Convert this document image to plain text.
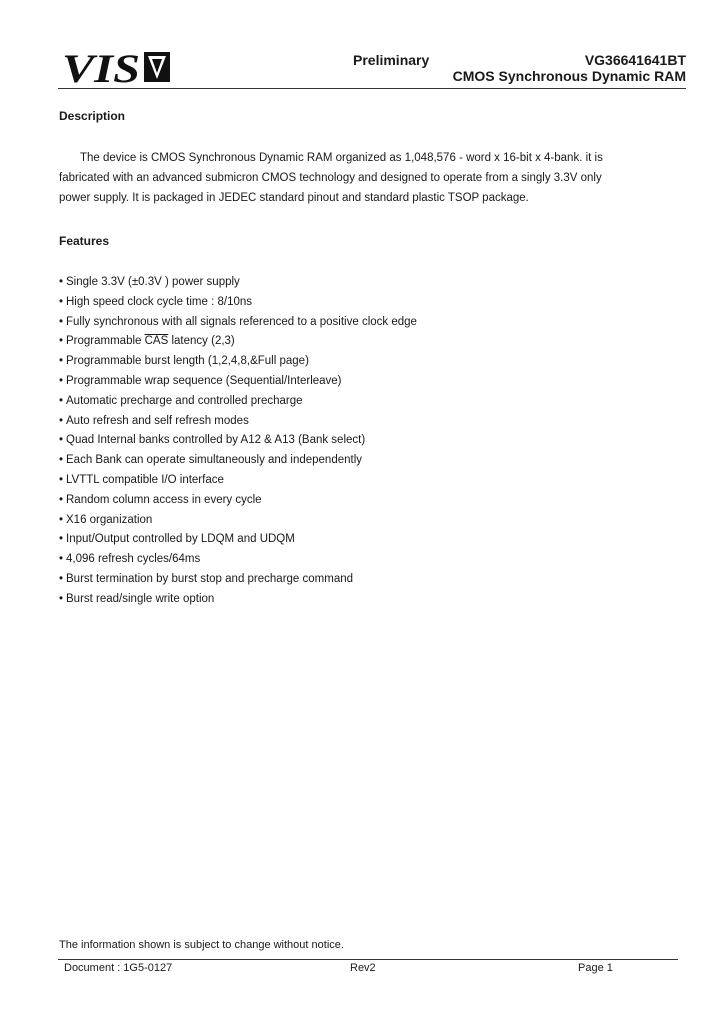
VIS	Preliminary	VG36641641BT
CMOS Synchronous Dynamic RAM
Description
The device is CMOS Synchronous Dynamic RAM organized as 1,048,576 - word x 16-bit x 4-bank. it is
fabricated with an advanced submicron CMOS technology and designed to operate from a singly 3.3V only
power supply. It is packaged in JEDEC standard pinout and standard plastic TSOP package.
Features
• Single 3.3V (±0.3V ) power supply
• High speed clock cycle time : 8/10ns
• Fully synchronous with all signals referenced to a positive clock edge
• Programmable $\overline{CAS}$ latency (2,3)
• Programmable burst length (1,2,4,8,&Full page)
• Programmable wrap sequence (Sequential/Interleave)
• Automatic precharge and controlled precharge
• Auto refresh and self refresh modes
• Quad Internal banks controlled by A12 & A13 (Bank select)
• Each Bank can operate simultaneously and independently
• LVTTL compatible I/O interface
• Random column access in every cycle
• X16 organization
• Input/Output controlled by LDQM and UDQM
• 4,096 refresh cycles/64ms
• Burst termination by burst stop and precharge command
• Burst read/single write option
The information shown is subject to change without notice.
Document : 1G5-0127	Rev2	Page 1
